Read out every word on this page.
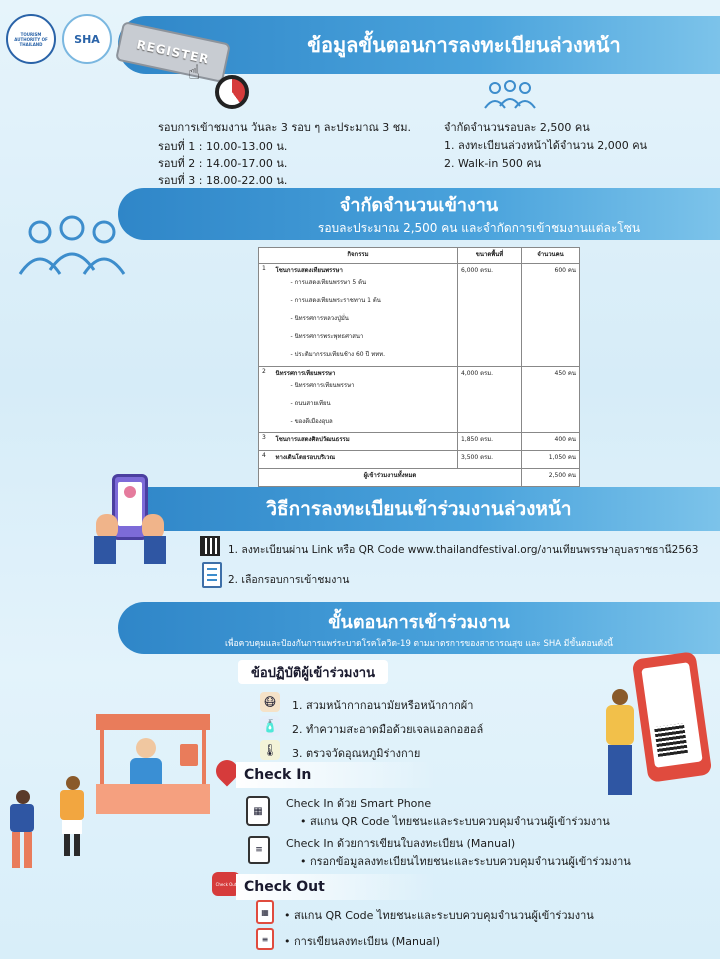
TOURISM AUTHORITY OF THAILAND	SHA	ข้อมูลขั้นตอนการลงทะเบียนล่วงหน้า
REGISTER
☝
รอบการเข้าชมงาน วันละ 3 รอบ ๆ ละประมาณ 3 ชม.
รอบที่ 1 : 10.00-13.00 น.
รอบที่ 2 : 14.00-17.00 น.
รอบที่ 3 : 18.00-22.00 น.
จำกัดจำนวนรอบละ 2,500 คน
1. ลงทะเบียนล่วงหน้าได้จำนวน 2,000 คน
2. Walk-in 500 คน
จำกัดจำนวนเข้างาน
รอบละประมาณ 2,500 คน และจำกัดการเข้าชมงานแต่ละโซน
กิจกรรม		ขนาดพื้นที่	จำนวนคน
1	โซนการแสดงเทียนพรรษา	6,000 ตรม.	600 คน
	- การแสดงเทียนพรรษา 5 ต้น		
	- การแสดงเทียนพระราชทาน 1 ต้น		
	- นิทรรศการหลวงปู่มั่น		
	- นิทรรศการพระพุทธศาสนา		
	- ประติมากรรมเทียนช้าง 60 ปี ททท.		
2	นิทรรศการเทียนพรรษา	4,000 ตรม.	450 คน
	- นิทรรศการเทียนพรรษา		
	- ถนนสายเทียน		
	- ของดีเมืองอุบล		
3	โซนการแสดงศิลปวัฒนธรรม	1,850 ตรม.	400 คน
4	ทางเดินโดยรอบบริเวณ	3,500 ตรม.	1,050 คน
ผู้เข้าร่วมงานทั้งหมด			2,500 คน
วิธีการลงทะเบียนเข้าร่วมงานล่วงหน้า
1. ลงทะเบียนผ่าน Link หรือ QR Code www.thailandfestival.org/งานเทียนพรรษาอุบลราชธานี2563
2. เลือกรอบการเข้าชมงาน
ขั้นตอนการเข้าร่วมงาน
เพื่อควบคุมและป้องกันการแพร่ระบาดโรคโควิด-19 ตามมาตรการของสาธารณสุข และ SHA มีขั้นตอนดังนี้
ข้อปฏิบัติผู้เข้าร่วมงาน
😷	1. สวมหน้ากากอนามัยหรือหน้ากากผ้า
🧴 2. ทำความสะอาดมือด้วยเจลแอลกอฮอล์
🌡 3. ตรวจวัดอุณหภูมิร่างกาย
Check In
▦
Check In ด้วย Smart Phone
• สแกน QR Code ไทยชนะและระบบควบคุมจำนวนผู้เข้าร่วมงาน
≡	Check In ด้วยการเขียนใบลงทะเบียน (Manual)
• กรอกข้อมูลลงทะเบียนไทยชนะและระบบควบคุมจำนวนผู้เข้าร่วมงาน
Check Out Check Out
▦	• สแกน QR Code ไทยชนะและระบบควบคุมจำนวนผู้เข้าร่วมงาน
≡	• การเขียนลงทะเบียน (Manual)
